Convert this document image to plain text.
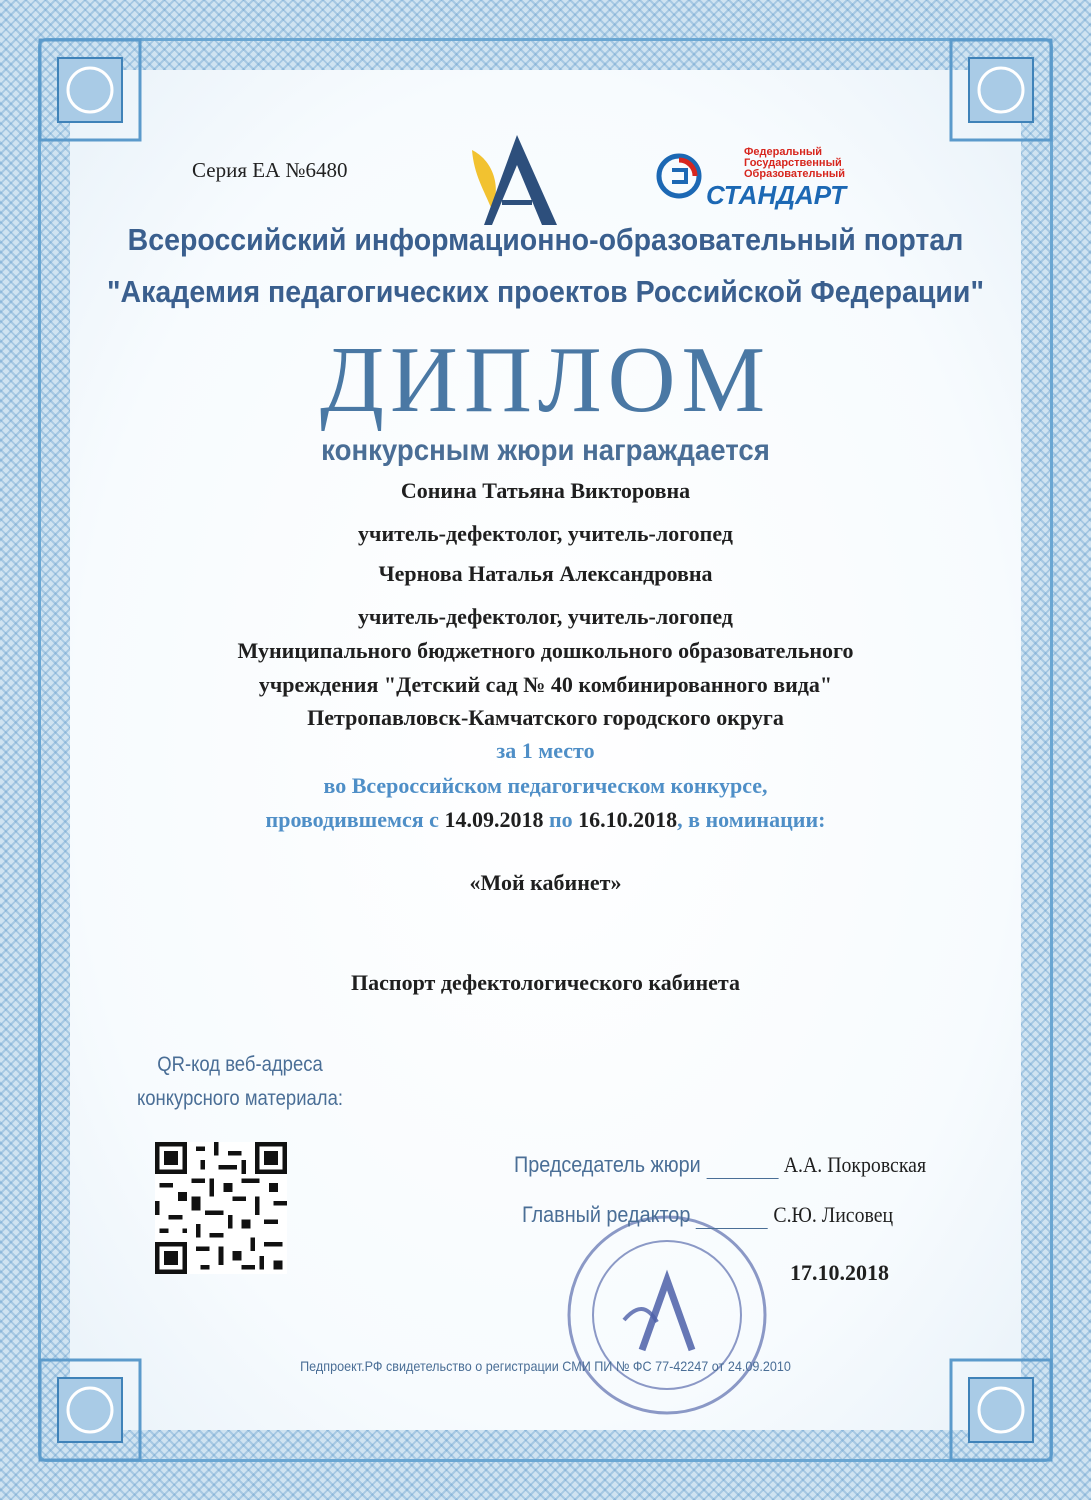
Серия ЕА №6480
Федеральный
Государственный
Образовательный
СТАНДАРТ
Всероссийский информационно-образовательный портал
"Академия педагогических проектов Российской Федерации"
ДИПЛОМ
конкурсным жюри награждается
Сонина Татьяна Викторовна
учитель-дефектолог, учитель-логопед
Чернова Наталья Александровна
учитель-дефектолог, учитель-логопед
Муниципального бюджетного дошкольного образовательного
учреждения "Детский сад № 40 комбинированного вида"
Петропавловск-Камчатского городского округа
за 1 место
во Всероссийском педагогическом конкурсе,
проводившемся с 14.09.2018 по 16.10.2018, в номинации:
«Мой кабинет»
Паспорт дефектологического кабинета
QR-код веб-адреса
конкурсного материала:
Председатель жюри	А.А. Покровская
Главный редактор	С.Ю. Лисовец
17.10.2018
Педпроект.РФ свидетельство о регистрации СМИ ПИ № ФС 77-42247 от 24.09.2010
